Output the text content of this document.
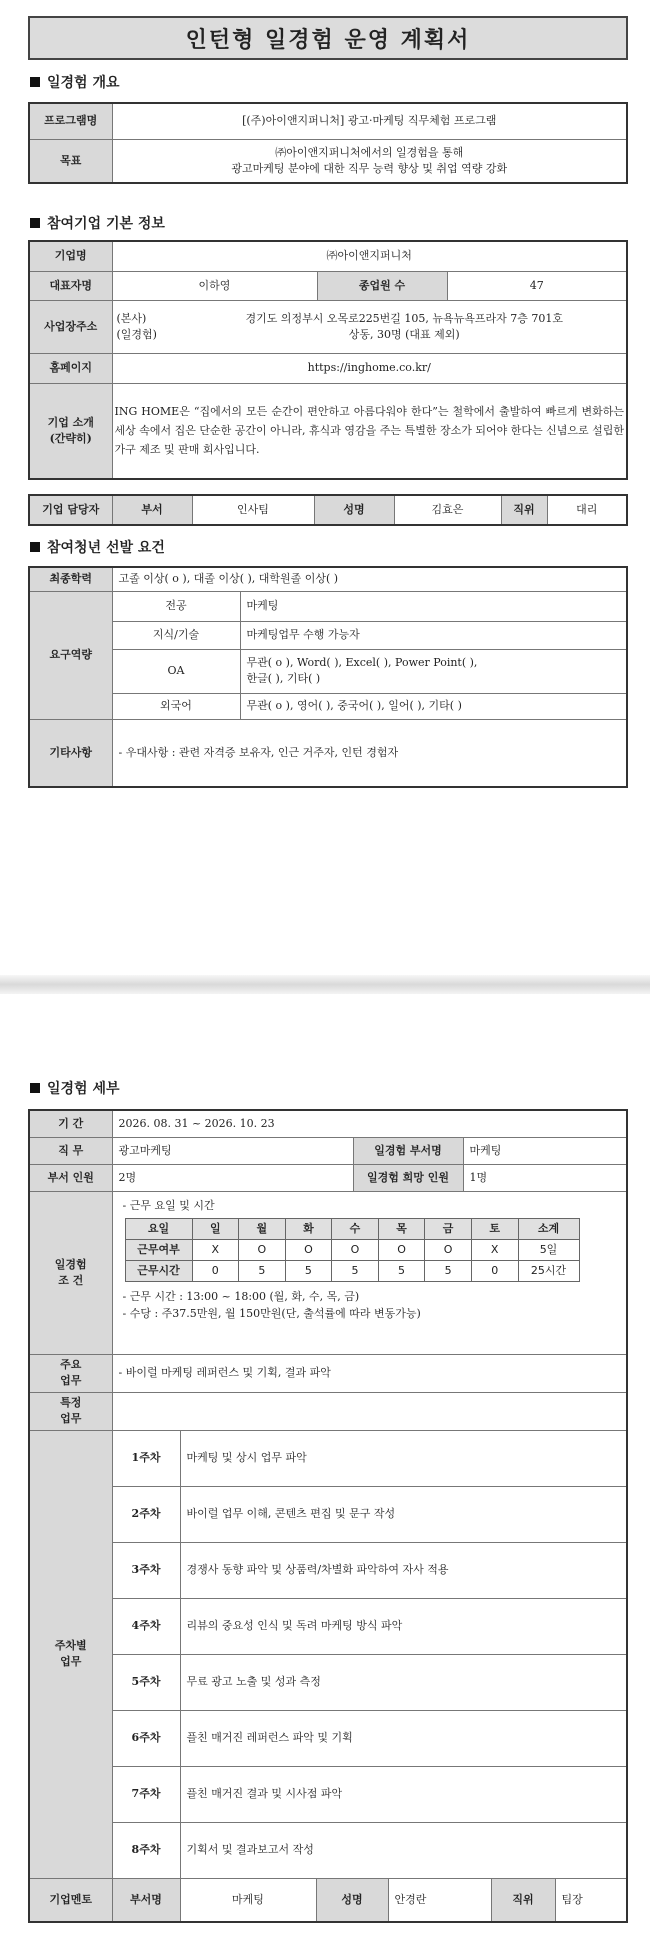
인턴형 일경험 운영 계획서
일경험 개요
프로그램명	[(주)아이앤지퍼니처] 광고·마케팅 직무체험 프로그램
목표	㈜아이앤지퍼니처에서의 일경험을 통해
광고마케팅 분야에 대한 직무 능력 향상 및 취업 역량 강화
참여기업 기본 정보
기업명	㈜아이앤지퍼니처		
대표자명	이하영	종업원 수	47
사업장주소	(본사) 경기도 의정부시 오목로225번길 105, 뉴욕뉴욕프라자 7층 701호
(일경험) 상동, 30명 (대표 제외)		

홈페이지	https://inghome.co.kr/		

기업 소개
(간략히)	ING HOME은 “집에서의 모든 순간이 편안하고 아름다워야 한다”는 철학에서 출발하여 빠르게 변화하는 세상 속에서 집은 단순한 공간이 아니라, 휴식과 영감을 주는 특별한 장소가 되어야 한다는 신념으로 설립한 가구 제조 및 판매 회사입니다.		
기업 담당자	부서	인사팀	성명	김효은	직위	대리
참여청년 선발 요건
최종학력	고졸 이상( o ), 대졸 이상( ), 대학원졸 이상( )	
요구역량	전공	마케팅
	지식/기술	마케팅업무 수행 가능자
	OA	무관( o ), Word( ), Excel( ), Power Point( ),
한글( ), 기타( )

	외국어	무관( o ), 영어( ), 중국어( ), 일어( ), 기타( )
기타사항	- 우대사항 : 관련 자격증 보유자, 인근 거주자, 인턴 경험자	
일경험 세부
기 간	2026. 08. 31 ~ 2026. 10. 23
직 무	광고마케팅	일경험 부서명	마케팅
부서 인원	2명	일경험 희망 인원	1명

일경험
조 건

- 근무 요일 및 시간
요일	일	월	화	수	목	금	토	소계
근무여부	X	O	O	O	O	O	X	5일
근무시간	0	5	5	5	5	5	0	25시간
- 근무 시간 : 13:00 ~ 18:00 (월, 화, 수, 목, 금)
- 수당 : 주37.5만원, 월 150만원(단, 출석률에 따라 변동가능)

주요
업무
	- 바이럴 마케팅 레퍼런스 및 기획, 결과 파악

특정
업무

주차별
업무
	1주차	마케팅 및 상시 업무 파악
2주차	바이럴 업무 이해, 콘텐츠 편집 및 문구 작성
3주차	경쟁사 동향 파악 및 상품력/차별화 파악하여 자사 적용
4주차	리뷰의 중요성 인식 및 독려 마케팅 방식 파악
5주차	무료 광고 노출 및 성과 측정
6주차	플친 매거진 레퍼런스 파악 및 기획
7주차	플친 매거진 결과 및 시사점 파악
8주차	기획서 및 결과보고서 작성

기업멘토	부서명	마케팅	성명	안경란	직위	팀장
